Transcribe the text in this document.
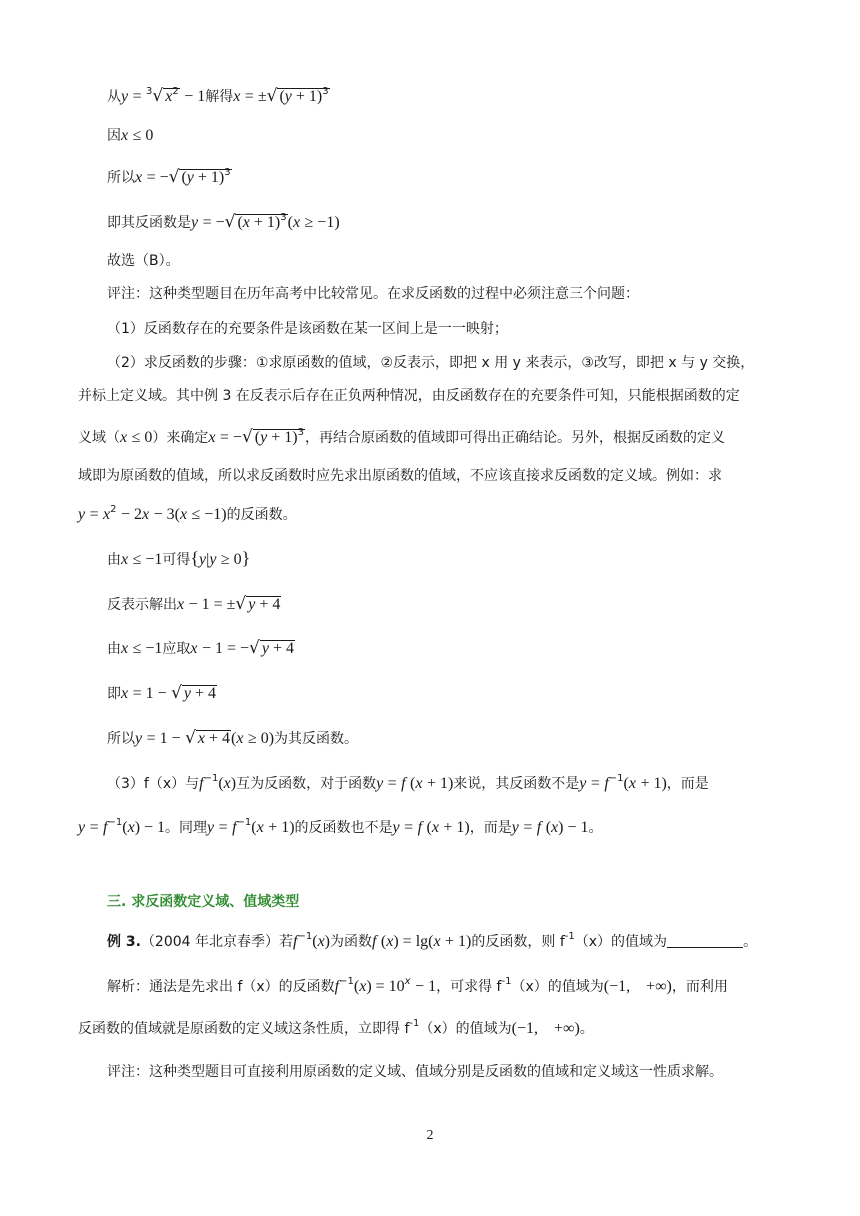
从y = $^3$√ $x^2 - 1$解得x = ±√ $(y + 1)^3$
因x ≤ 0
所以x = −√ $(y + 1)^3$
即其反函数是y = −√ $(x + 1)^3(x \ge -1)$
故选（B）。
评注：这种类型题目在历年高考中比较常见。在求反函数的过程中必须注意三个问题：
（1）反函数存在的充要条件是该函数在某一区间上是一一映射；
（2）求反函数的步骤：①求原函数的值域，②反表示，即把 x 用 y 来表示，③改写，即把 x 与 y 交换，
并标上定义域。其中例 3 在反表示后存在正负两种情况，由反函数存在的充要条件可知，只能根据函数的定
义域（x ≤ 0）来确定x = −√ $(y + 1)^3$，再结合原函数的值域即可得出正确结论。另外，根据反函数的定义
域即为原函数的值域，所以求反函数时应先求出原函数的值域，不应该直接求反函数的定义域。例如：求
$y = x^2 - 2x - 3(x \le -1)$的反函数。
由x ≤ −1可得{y|y ≥ 0}
反表示解出x − 1 = ±√ y + 4
由x ≤ −1应取x − 1 = −√ y + 4
即x = 1 − √ y + 4
所以y = 1 − √ x + 4(x ≥ 0)为其反函数。
（3）f（x）与$f^{-1}(x)$互为反函数，对于函数y = f (x + 1)来说，其反函数不是$y = f^{-1}(x + 1)$，而是
$y = f^{-1}(x) - 1$。同理$y = f^{-1}(x + 1)$的反函数也不是y = f (x + 1)，而是y = f (x) − 1。
三. 求反函数定义域、值域类型
例 3.（2004 年北京春季）若$f^{-1}(x)$为函数f (x) = lg(x + 1)的反函数，则 $f^{-1}(x)$的值域为	。
解析：通法是先求出 f（x）的反函数$f^{-1}(x) = 10^x - 1$，可求得 $f^{-1}(x)$的值域为(−1,　+∞)，而利用
反函数的值域就是原函数的定义域这条性质，立即得 $f^{-1}(x)$的值域为(−1,　+∞)。
评注：这种类型题目可直接利用原函数的定义域、值域分别是反函数的值域和定义域这一性质求解。
2
